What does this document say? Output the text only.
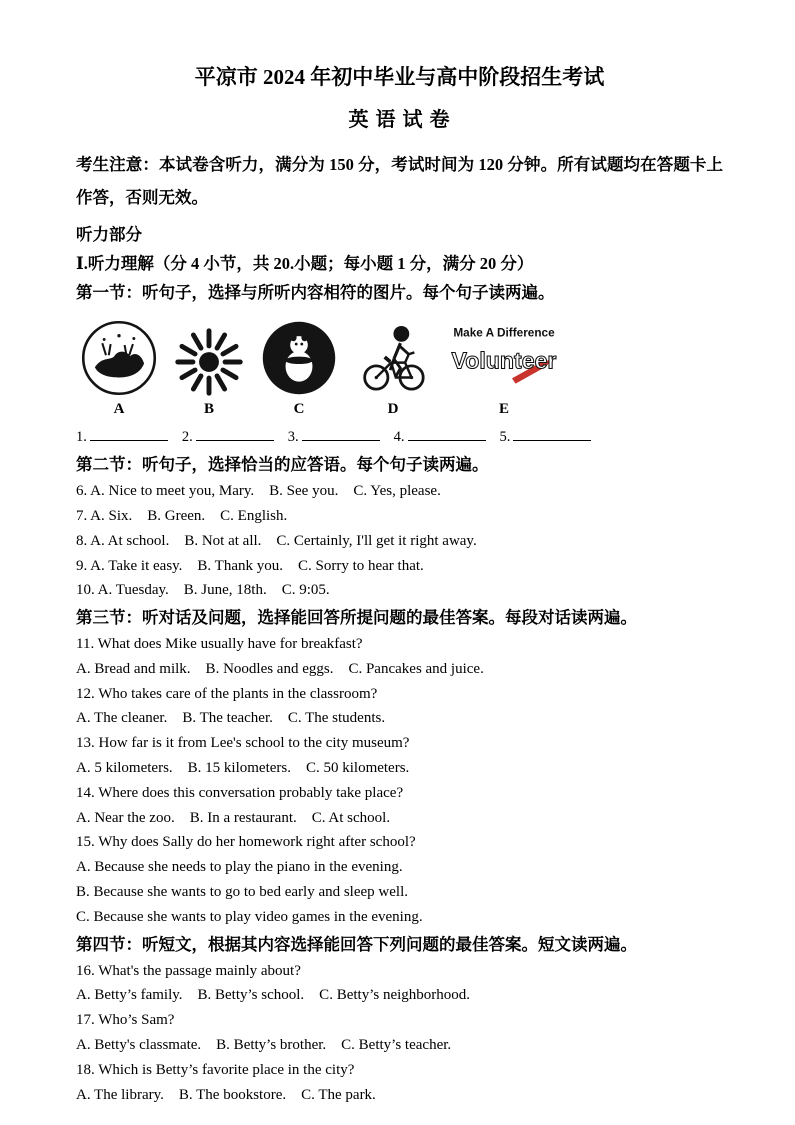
平凉市 2024 年初中毕业与高中阶段招生考试
英 语 试 卷

考生注意：本试卷含听力，满分为 150 分，考试时间为 120 分钟。所有试题均在答题卡上作答，否则无效。

听力部分

Ⅰ.听力理解（分 4 小节，共 20.小题；每小题 1 分，满分 20 分）

第一节：听句子，选择与所听内容相符的图片。每个句子读两遍。

A	B	C	D
Make A Difference
Volunteer
E
1.	2.	3.	4.	5.

第二节：听句子，选择恰当的应答语。每个句子读两遍。

6. A. Nice to meet you, Mary.    B. See you.    C. Yes, please.

7. A. Six.    B. Green.    C. English.

8. A. At school.    B. Not at all.    C. Certainly, I'll get it right away.

9. A. Take it easy.    B. Thank you.    C. Sorry to hear that.

10. A. Tuesday.    B. June, 18th.    C. 9:05.

第三节：听对话及问题，选择能回答所提问题的最佳答案。每段对话读两遍。

11. What does Mike usually have for breakfast?

A. Bread and milk.    B. Noodles and eggs.    C. Pancakes and juice.

12. Who takes care of the plants in the classroom?

A. The cleaner.    B. The teacher.    C. The students.

13. How far is it from Lee's school to the city museum?

A. 5 kilometers.    B. 15 kilometers.    C. 50 kilometers.

14. Where does this conversation probably take place?

A. Near the zoo.    B. In a restaurant.    C. At school.

15. Why does Sally do her homework right after school?

A. Because she needs to play the piano in the evening.

B. Because she wants to go to bed early and sleep well.

C. Because she wants to play video games in the evening.

第四节：听短文，根据其内容选择能回答下列问题的最佳答案。短文读两遍。

16. What's the passage mainly about?

A. Betty’s family.    B. Betty’s school.    C. Betty’s neighborhood.

17. Who’s Sam?

A. Betty's classmate.    B. Betty’s brother.    C. Betty’s teacher.

18. Which is Betty’s favorite place in the city?

A. The library.    B. The bookstore.    C. The park.
